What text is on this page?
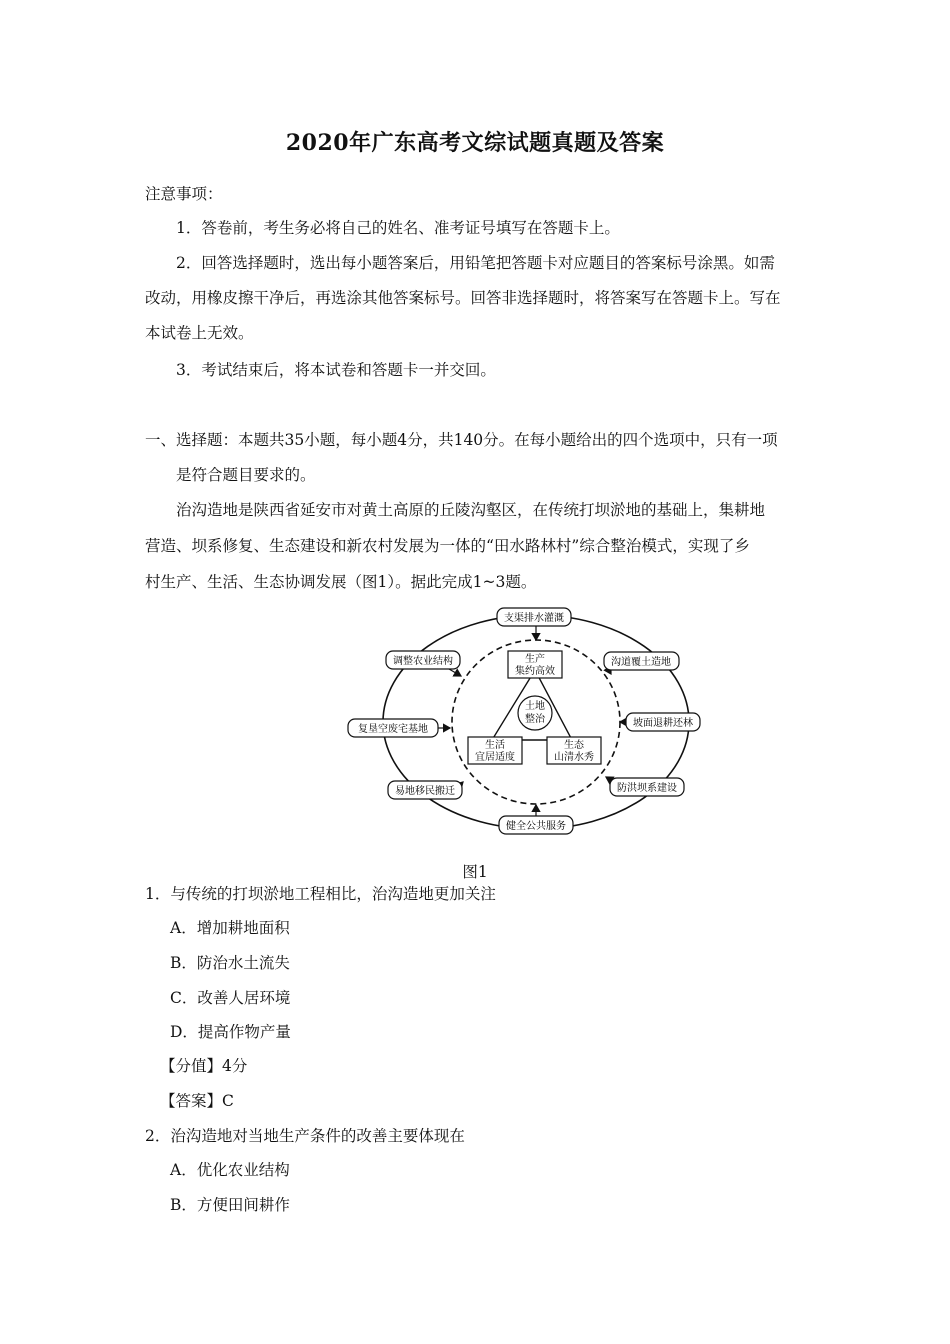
2020年广东高考文综试题真题及答案
注意事项：
1．答卷前，考生务必将自己的姓名、准考证号填写在答题卡上。
2．回答选择题时，选出每小题答案后，用铅笔把答题卡对应题目的答案标号涂黑。如需
改动，用橡皮擦干净后，再选涂其他答案标号。回答非选择题时，将答案写在答题卡上。写在
本试卷上无效。
3．考试结束后，将本试卷和答题卡一并交回。
一、选择题：本题共35小题，每小题4分，共140分。在每小题给出的四个选项中，只有一项
是符合题目要求的。
治沟造地是陕西省延安市对黄土高原的丘陵沟壑区，在传统打坝淤地的基础上，集耕地
营造、坝系修复、生态建设和新农村发展为一体的“田水路林村”综合整治模式，实现了乡
村生产、生活、生态协调发展（图1）。据此完成1~3题。
土地
整治
生产
集约高效
生活
宜居适度
生态
山清水秀
支渠排水灌溉
调整农业结构	沟道覆土造地
复垦空废宅基地
坡面退耕还林
易地移民搬迁	防洪坝系建设
健全公共服务
图1
1．与传统的打坝淤地工程相比，治沟造地更加关注
A．增加耕地面积
B．防治水土流失
C．改善人居环境
D．提高作物产量
【分值】4分
【答案】C
2．治沟造地对当地生产条件的改善主要体现在
A．优化农业结构
B．方便田间耕作
